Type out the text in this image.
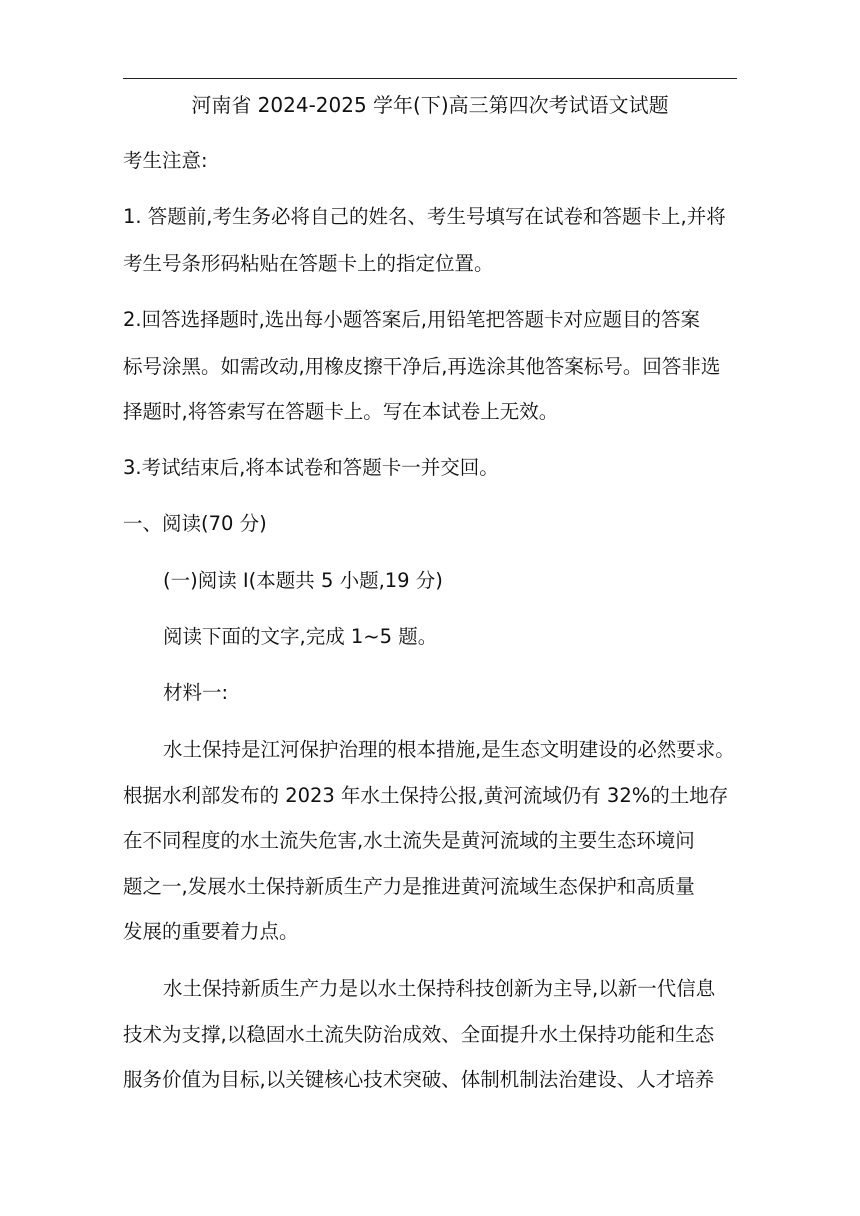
河南省 2024-2025 学年(下)高三第四次考试语文试题
考生注意:
1. 答题前,考生务必将自己的姓名、考生号填写在试卷和答题卡上,并将
考生号条形码粘贴在答题卡上的指定位置。
2.回答选择题时,选出每小题答案后,用铅笔把答题卡对应题目的答案
标号涂黑。如需改动,用橡皮擦干净后,再选涂其他答案标号。回答非选
择题时,将答索写在答题卡上。写在本试卷上无效。
3.考试结束后,将本试卷和答题卡一并交回。
一、阅读(70 分)
(一)阅读 I(本题共 5 小题,19 分)
阅读下面的文字,完成 1~5 题。
材料一:
水土保持是江河保护治理的根本措施,是生态文明建设的必然要求。
根据水利部发布的 2023 年水土保持公报,黄河流域仍有 32%的土地存
在不同程度的水土流失危害,水土流失是黄河流域的主要生态环境问
题之一,发展水土保持新质生产力是推进黄河流域生态保护和高质量
发展的重要着力点。
水土保持新质生产力是以水土保持科技创新为主导,以新一代信息
技术为支撑,以稳固水土流失防治成效、全面提升水土保持功能和生态
服务价值为目标,以关键核心技术突破、体制机制法治建设、人才培养
